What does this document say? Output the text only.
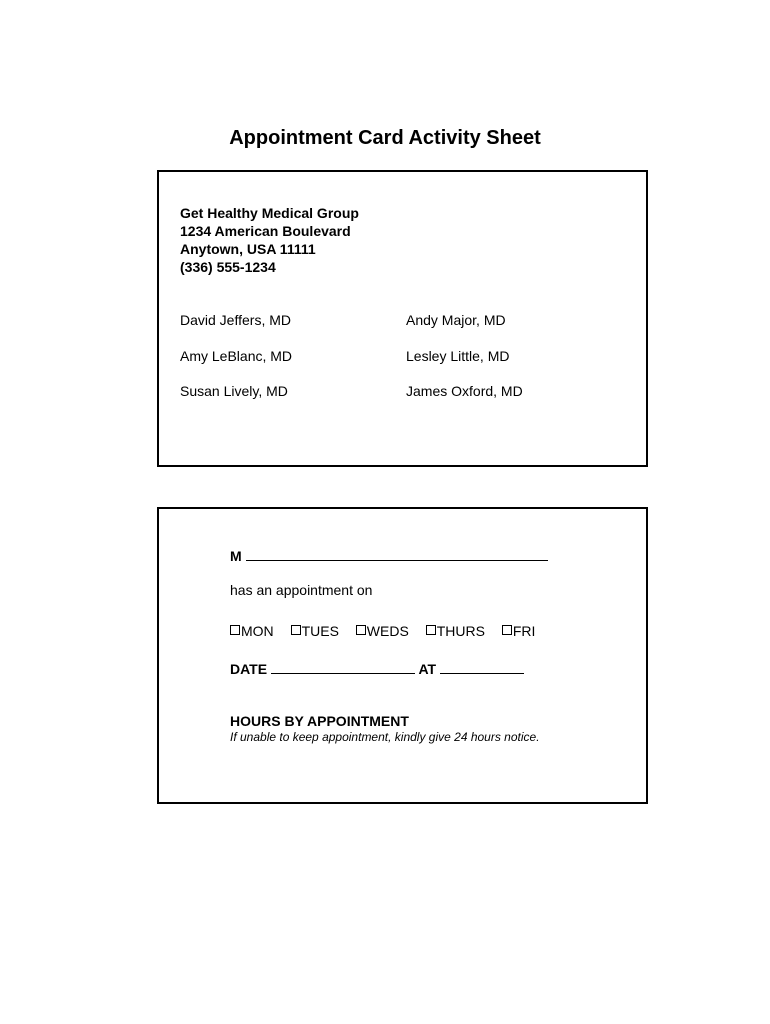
Appointment Card Activity Sheet
Get Healthy Medical Group
1234 American Boulevard
Anytown, USA 11111
(336) 555-1234
David Jeffers, MD
Amy LeBlanc, MD
Susan Lively, MD
Andy Major, MD
Lesley Little, MD
James Oxford, MD
M
has an appointment on
MON TUES WEDS THURS FRI
DATE	AT
HOURS BY APPOINTMENT
If unable to keep appointment, kindly give 24 hours notice.
